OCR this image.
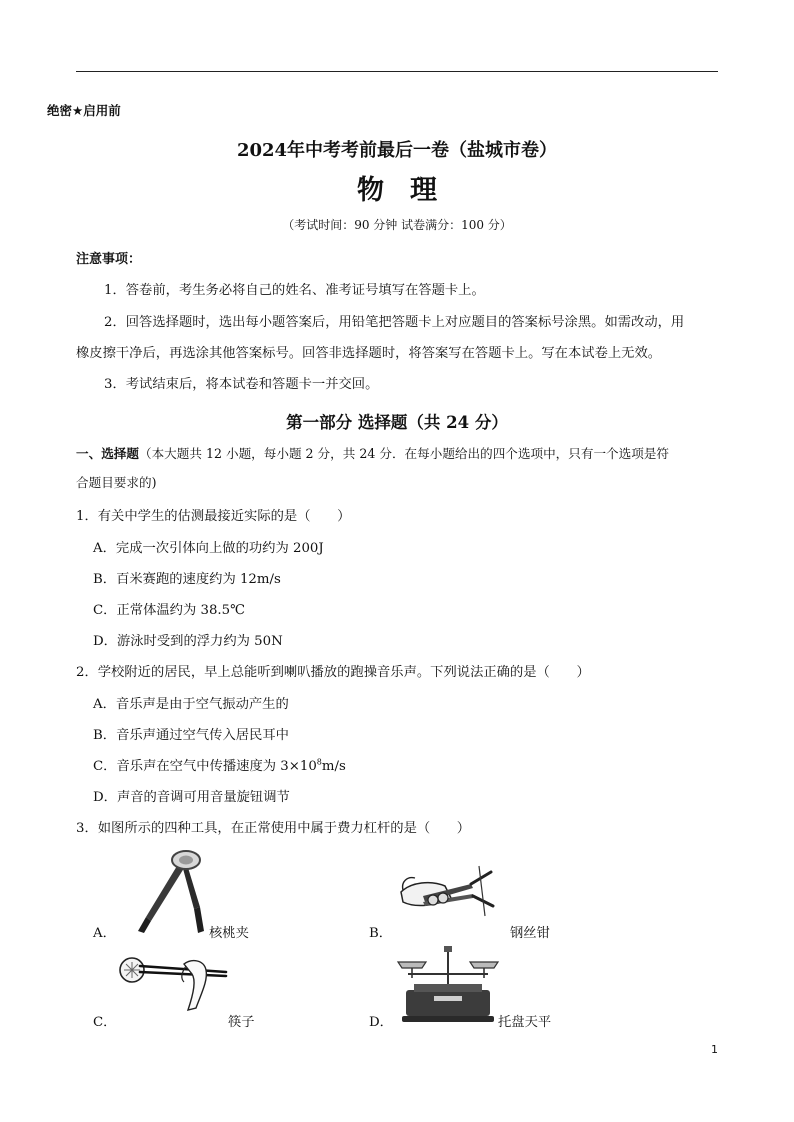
绝密★启用前
2024年中考考前最后一卷（盐城市卷）
物理
（考试时间：90 分钟 试卷满分：100 分）
注意事项：
1．答卷前，考生务必将自己的姓名、准考证号填写在答题卡上。
2．回答选择题时，选出每小题答案后，用铅笔把答题卡上对应题目的答案标号涂黑。如需改动，用
橡皮擦干净后，再选涂其他答案标号。回答非选择题时，将答案写在答题卡上。写在本试卷上无效。
3．考试结束后，将本试卷和答题卡一并交回。
第一部分 选择题（共 24 分）
一、选择题（本大题共 12 小题，每小题 2 分，共 24 分．在每小题给出的四个选项中，只有一个选项是符
合题目要求的)
1．有关中学生的估测最接近实际的是（　　）
A．完成一次引体向上做的功约为 200J
B．百米赛跑的速度约为 12m/s
C．正常体温约为 38.5℃
D．游泳时受到的浮力约为 50N
2．学校附近的居民，早上总能听到喇叭播放的跑操音乐声。下列说法正确的是（　　）
A．音乐声是由于空气振动产生的
B．音乐声通过空气传入居民耳中
C．音乐声在空气中传播速度为 $3\times 10^8m/s$
D．声音的音调可用音量旋钮调节
3．如图所示的四种工具，在正常使用中属于费力杠杆的是（　　）
A．	核桃夹	B．	钢丝钳
C．	筷子	D．	托盘天平
1
